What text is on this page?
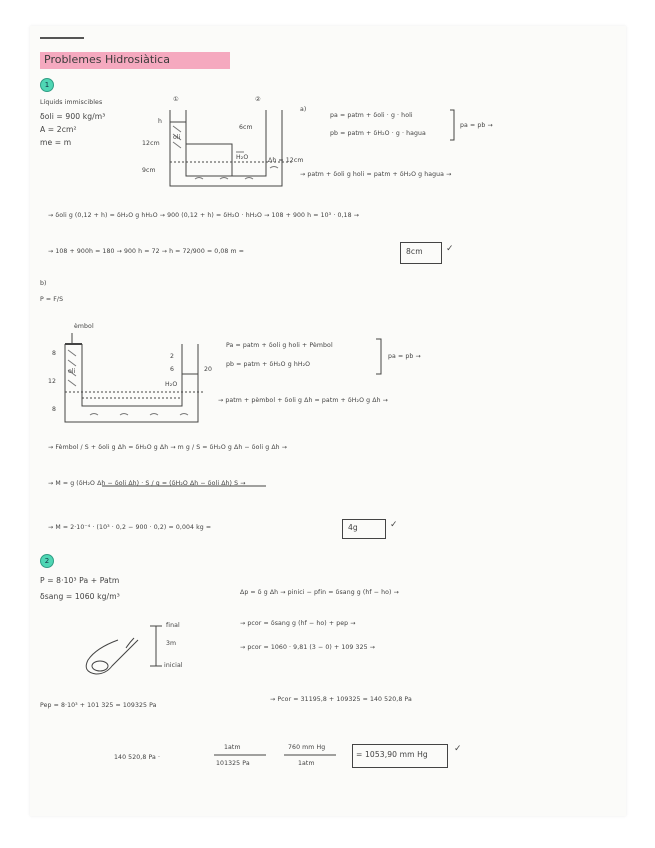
Problemes Hidrosiàtica
1
Líquids immiscibles
δoli = 900 kg/m³
A = 2cm²
me = m
①	②
h
oli
12cm
9cm
6cm
H₂O	Δh = 12cm
a)
pa = patm + δoli · g · holi
pb = patm + δH₂O · g · hagua
pa = pb →
→ patm + δoli g holi = patm + δH₂O g hagua →
→ δoli g (0,12 + h) = δH₂O g hH₂O → 900 (0,12 + h) = δH₂O · hH₂O → 108 + 900 h = 10³ · 0,18 →
→ 108 + 900h = 180 → 900 h = 72 → h = 72/900 = 0,08 m =	8cm	✓
b)
P = F/S
èmbol
8
12
8
2
6	20
oli
H₂O
Pa = patm + δoli g holi + Pèmbol
pb = patm + δH₂O g hH₂O
pa = pb →
→ patm + pèmbol + δoli g Δh = patm + δH₂O g Δh →
→ Fèmbol / S + δoli g Δh = δH₂O g Δh → m g / S = δH₂O g Δh − δoli g Δh →
→ M = g (δH₂O Δh − δoli Δh) · S / g = (δH₂O Δh − δoli Δh) S →
→ M = 2·10⁻⁴ · (10³ · 0,2 − 900 · 0,2) = 0,004 kg =	4g	✓
2
P = 8·10³ Pa + Patm
δsang = 1060 kg/m³	Δp = δ g Δh → pinici − pfin = δsang g (hf − ho) →
→ pcor = δsang g (hf − ho) + pep →
→ pcor = 1060 · 9,81 (3 − 0) + 109 325 →
final
3m
inicial
Pep = 8·10³ + 101 325 = 109325 Pa
→ Pcor = 31195,8 + 109325 = 140 520,8 Pa
140 520,8 Pa ·
1atm
101325 Pa
760 mm Hg
1atm
= 1053,90 mm Hg
✓
